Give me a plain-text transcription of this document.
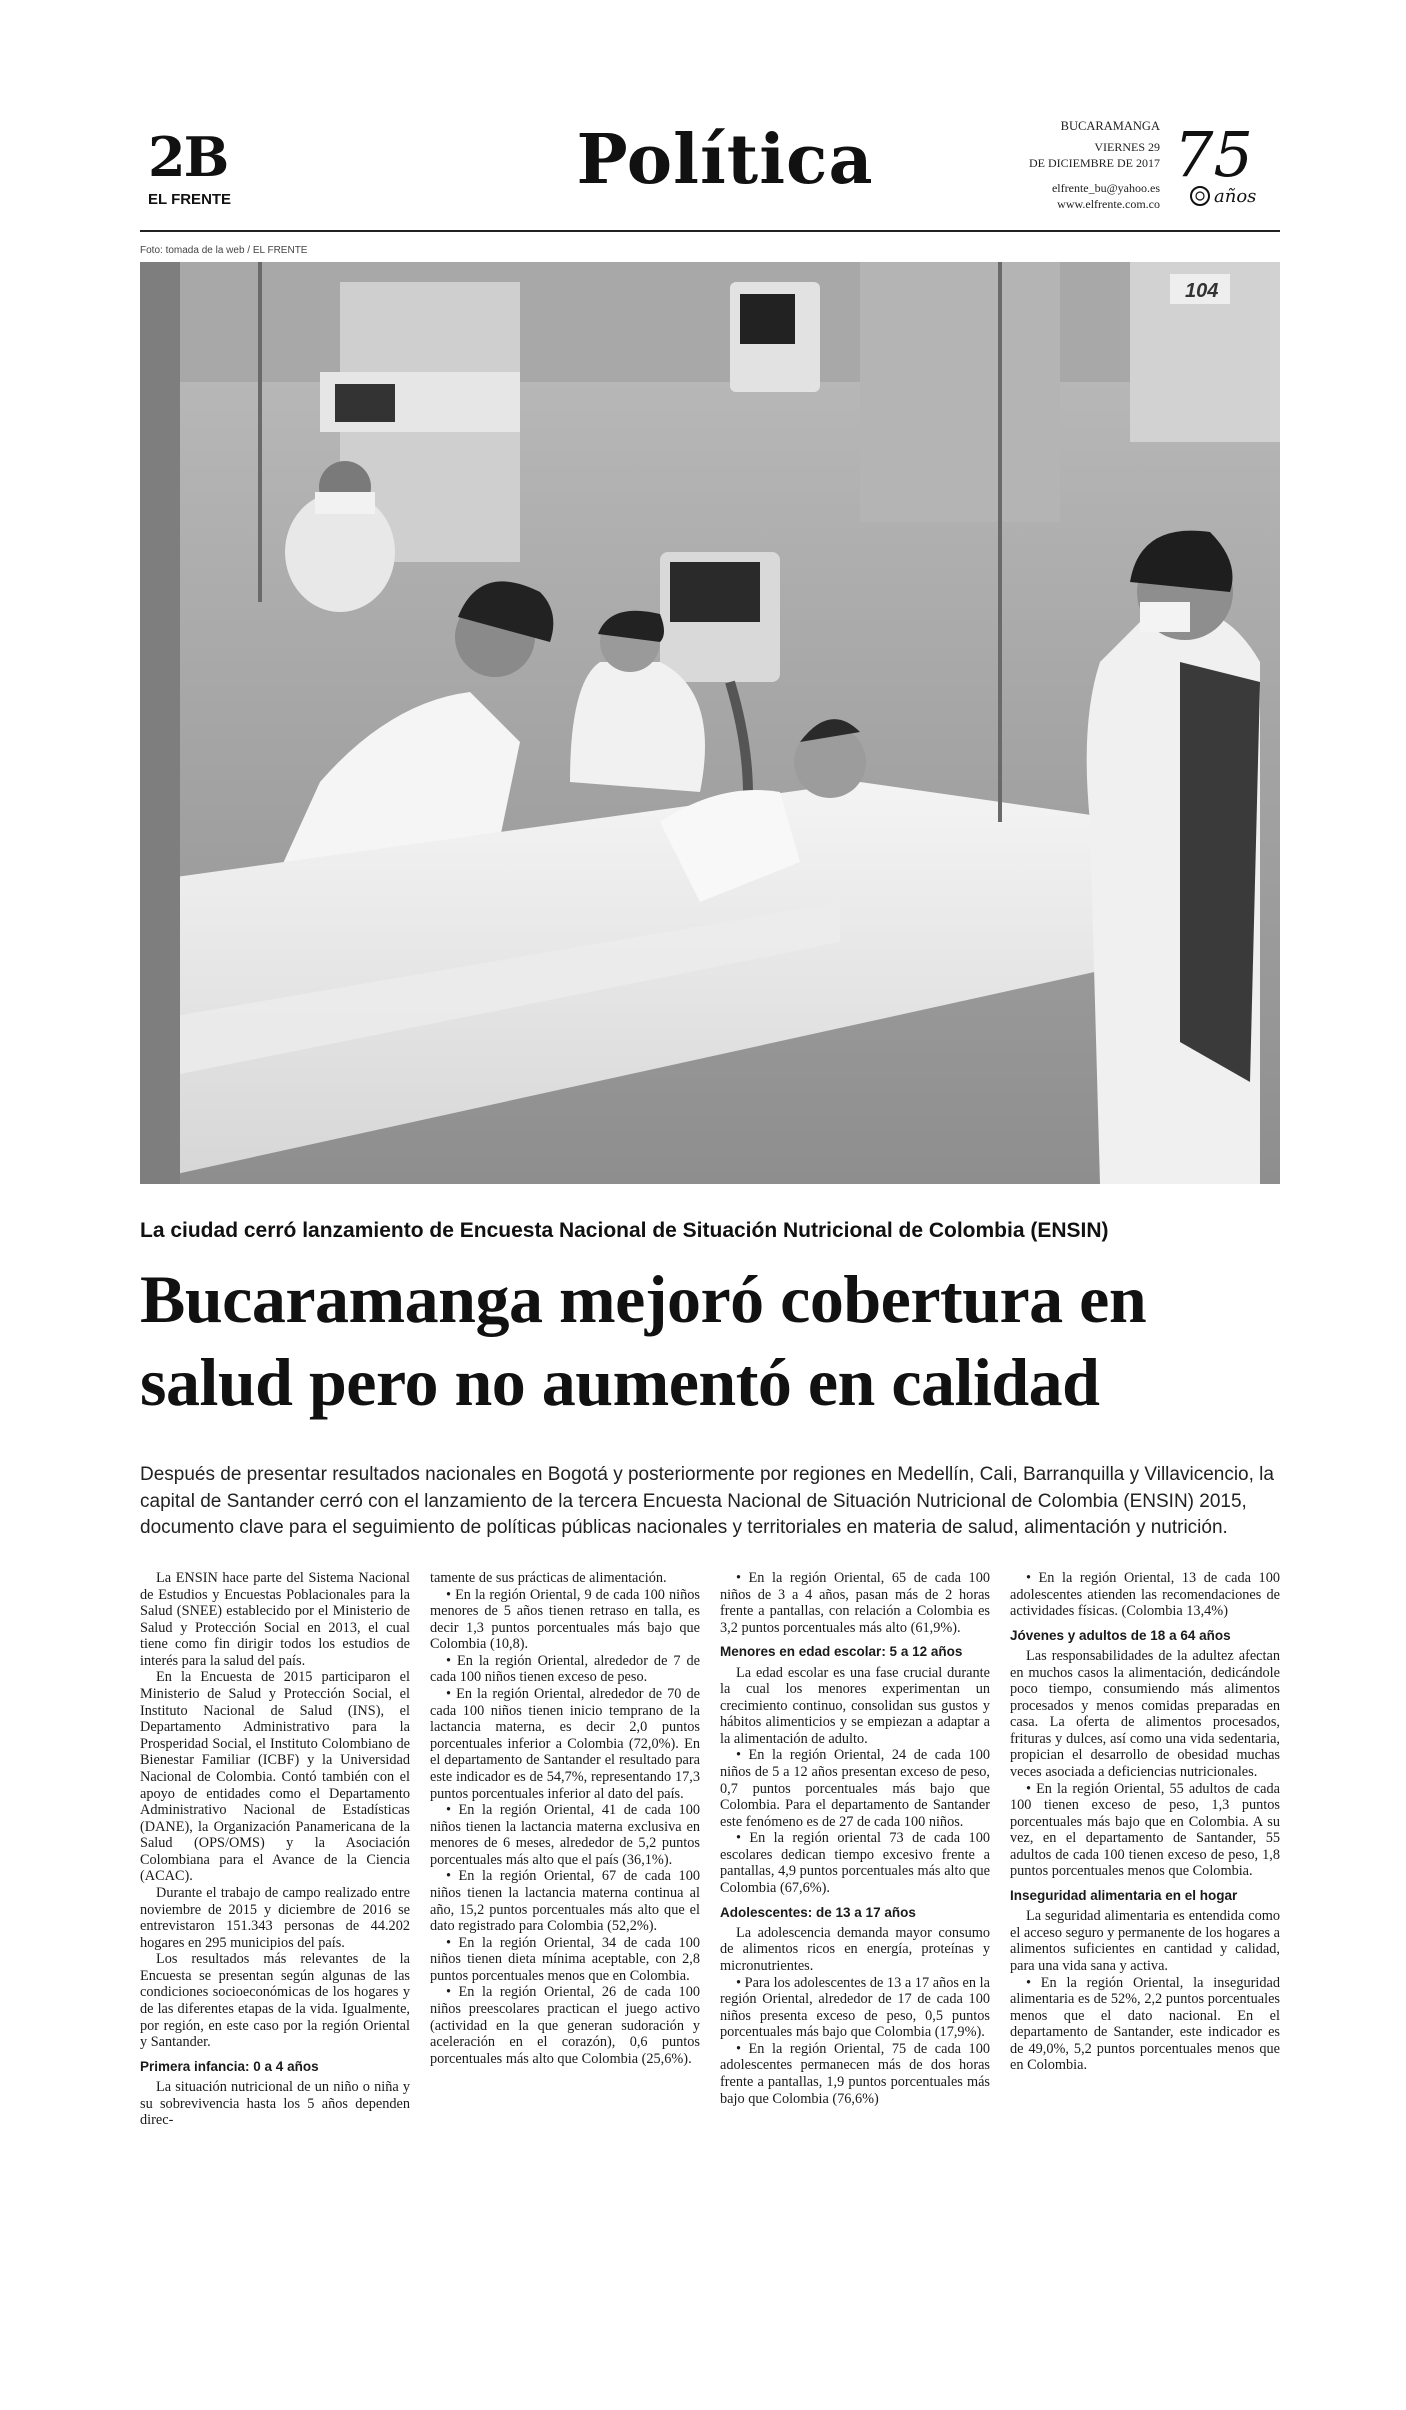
2B
EL FRENTE	Política	BUCARAMANGA
VIERNES 29
DE DICIEMBRE DE 2017
elfrente_bu@yahoo.es
www.elfrente.com.co
75
años
Foto: tomada de la web / EL FRENTE
104
La ciudad cerró lanzamiento de Encuesta Nacional de Situación Nutricional de Colombia (ENSIN)
Bucaramanga mejoró cobertura en
salud pero no aumentó en calidad
Después de presentar resultados nacionales en Bogotá y posteriormente por regiones en Medellín, Cali, Barranquilla y Villavicencio, la capital de Santander cerró con el lanzamiento de la tercera Encuesta Nacional de Situación Nutricional de Colombia (ENSIN) 2015, documento clave para el seguimiento de políticas públicas nacionales y territoriales en materia de salud, alimentación y nutrición.

La ENSIN hace parte del Sistema Nacional de Estudios y Encuestas Poblacionales para la Salud (SNEE) establecido por el Ministerio de Salud y Protección Social en 2013, el cual tiene como fin dirigir todos los estudios de interés para la salud del país.

En la Encuesta de 2015 participaron el Ministerio de Salud y Protección Social, el Instituto Nacional de Salud (INS), el Departamento Administrativo para la Prosperidad Social, el Instituto Colombiano de Bienestar Familiar (ICBF) y la Universidad Nacional de Colombia. Contó también con el apoyo de entidades como el Departamento Administrativo Nacional de Estadísticas (DANE), la Organización Panamericana de la Salud (OPS/OMS) y la Asociación Colombiana para el Avance de la Ciencia (ACAC).

Durante el trabajo de campo realizado entre noviembre de 2015 y diciembre de 2016 se entrevistaron 151.343 personas de 44.202 hogares en 295 municipios del país.

Los resultados más relevantes de la Encuesta se presentan según algunas de las condiciones socioeconómicas de los hogares y de las diferentes etapas de la vida. Igualmente, por región, en este caso por la región Oriental y Santander.

Primera infancia: 0 a 4 años

La situación nutricional de un niño o niña y su sobrevivencia hasta los 5 años dependen direc-

tamente de sus prácticas de alimentación.

• En la región Oriental, 9 de cada 100 niños menores de 5 años tienen retraso en talla, es decir 1,3 puntos porcentuales más bajo que Colombia (10,8).

• En la región Oriental, alrededor de 7 de cada 100 niños tienen exceso de peso.

• En la región Oriental, alrededor de 70 de cada 100 niños tienen inicio temprano de la lactancia materna, es decir 2,0 puntos porcentuales inferior a Colombia (72,0%). En el departamento de Santander el resultado para este indicador es de 54,7%, representando 17,3 puntos porcentuales inferior al dato del país.

• En la región Oriental, 41 de cada 100 niños tienen la lactancia materna exclusiva en menores de 6 meses, alrededor de 5,2 puntos porcentuales más alto que el país (36,1%).

• En la región Oriental, 67 de cada 100 niños tienen la lactancia materna continua al año, 15,2 puntos porcentuales más alto que el dato registrado para Colombia (52,2%).

• En la región Oriental, 34 de cada 100 niños tienen dieta mínima aceptable, con 2,8 puntos porcentuales menos que en Colombia.

• En la región Oriental, 26 de cada 100 niños preescolares practican el juego activo (actividad en la que generan sudoración y aceleración en el corazón), 0,6 puntos porcentuales más alto que Colombia (25,6%).

• En la región Oriental, 65 de cada 100 niños de 3 a 4 años, pasan más de 2 horas frente a pantallas, con relación a Colombia es 3,2 puntos porcentuales más alto (61,9%).

Menores en edad escolar: 5 a 12 años

La edad escolar es una fase crucial durante la cual los menores experimentan un crecimiento continuo, consolidan sus gustos y hábitos alimenticios y se empiezan a adaptar a la alimentación de adulto.

• En la región Oriental, 24 de cada 100 niños de 5 a 12 años presentan exceso de peso, 0,7 puntos porcentuales más bajo que Colombia. Para el departamento de Santander este fenómeno es de 27 de cada 100 niños.

• En la región oriental 73 de cada 100 escolares dedican tiempo excesivo frente a pantallas, 4,9 puntos porcentuales más alto que Colombia (67,6%).

Adolescentes: de 13 a 17 años

La adolescencia demanda mayor consumo de alimentos ricos en energía, proteínas y micronutrientes.

• Para los adolescentes de 13 a 17 años en la región Oriental, alrededor de 17 de cada 100 niños presenta exceso de peso, 0,5 puntos porcentuales más bajo que Colombia (17,9%).

• En la región Oriental, 75 de cada 100 adolescentes permanecen más de dos horas frente a pantallas, 1,9 puntos porcentuales más bajo que Colombia (76,6%)

• En la región Oriental, 13 de cada 100 adolescentes atienden las recomendaciones de actividades físicas. (Colombia 13,4%)

Jóvenes y adultos de 18 a 64 años

Las responsabilidades de la adultez afectan en muchos casos la alimentación, dedicándole poco tiempo, consumiendo más alimentos procesados y menos comidas preparadas en casa. La oferta de alimentos procesados, frituras y dulces, así como una vida sedentaria, propician el desarrollo de obesidad muchas veces asociada a deficiencias nutricionales.

• En la región Oriental, 55 adultos de cada 100 tienen exceso de peso, 1,3 puntos porcentuales más bajo que en Colombia. A su vez, en el departamento de Santander, 55 adultos de cada 100 tienen exceso de peso, 1,8 puntos porcentuales menos que Colombia.

Inseguridad alimentaria en el hogar

La seguridad alimentaria es entendida como el acceso seguro y permanente de los hogares a alimentos suficientes en cantidad y calidad, para una vida sana y activa.

• En la región Oriental, la inseguridad alimentaria es de 52%, 2,2 puntos porcentuales menos que el dato nacional. En el departamento de Santander, este indicador es de 49,0%, 5,2 puntos porcentuales menos que en Colombia.
